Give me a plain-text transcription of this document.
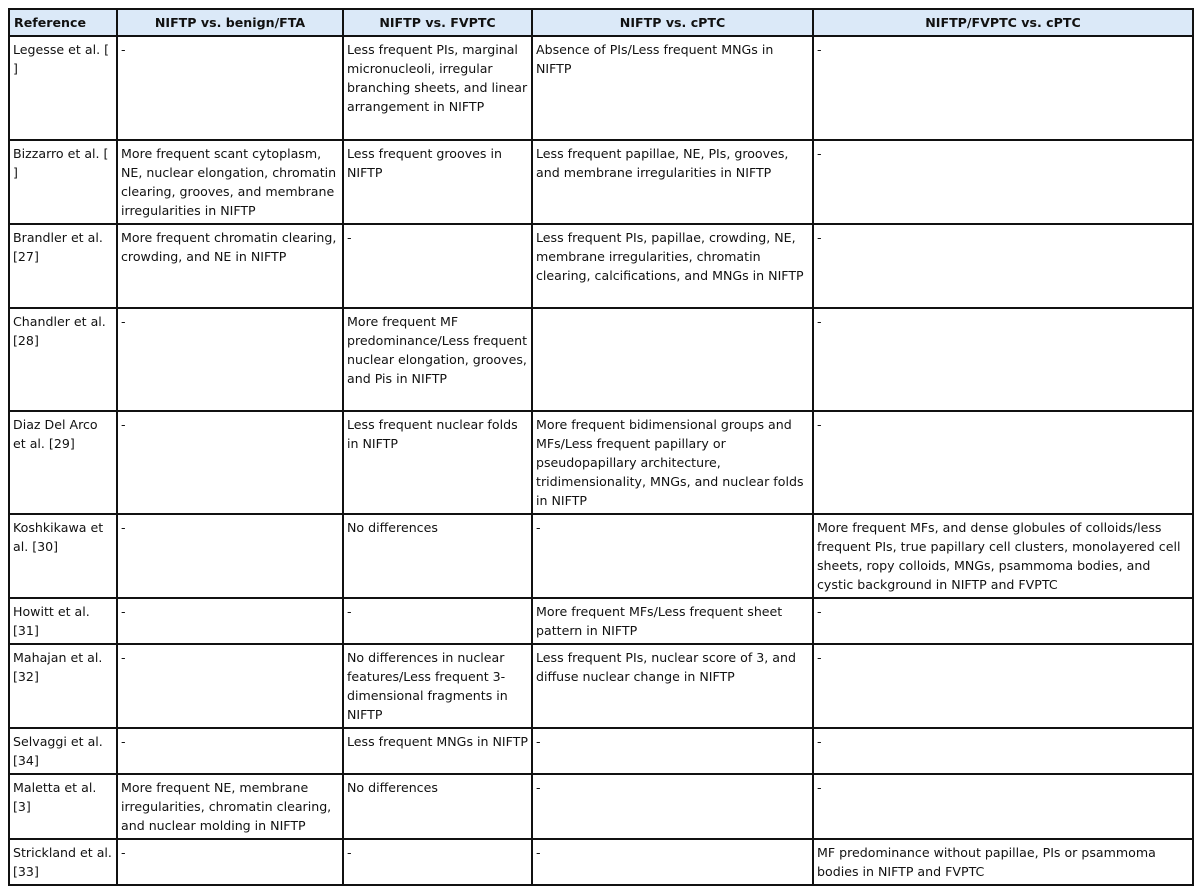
Reference	NIFTP vs. benign/FTA	NIFTP vs. FVPTC	NIFTP vs. cPTC	NIFTP/FVPTC vs. cPTC
Legesse et al. [​]	-	Less frequent PIs, marginal micronucleoli, irregular branching sheets, and linear arrangement in NIFTP	Absence of PIs/Less frequent MNGs in NIFTP	-
Bizzarro et al. [​]	More frequent scant cytoplasm, NE, nuclear elongation, chromatin clearing, grooves, and membrane irregularities in NIFTP	Less frequent grooves in NIFTP	Less frequent papillae, NE, PIs, grooves, and membrane irregularities in NIFTP	-
Brandler et al. [27]	More frequent chromatin clearing, crowding, and NE in NIFTP	-	Less frequent PIs, papillae, crowding, NE, membrane irregularities, chromatin clearing, calcifications, and MNGs in NIFTP	-
Chandler et al. [28]	-	More frequent MF predominance/Less frequent nuclear elongation, grooves, and Pis in NIFTP		-
Diaz Del Arco et al. [29]	-	Less frequent nuclear folds in NIFTP	More frequent bidimensional groups and MFs/Less frequent papillary or pseudopapillary architecture, tridimensionality, MNGs, and nuclear folds in NIFTP	-
Koshkikawa et al. [30]	-	No differences	-	More frequent MFs, and dense globules of colloids/less frequent PIs, true papillary cell clusters, monolayered cell sheets, ropy colloids, MNGs, psammoma bodies, and cystic background in NIFTP and FVPTC
Howitt et al. [31]	-	-	More frequent MFs/Less frequent sheet pattern in NIFTP	-
Mahajan et al. [32]	-	No differences in nuclear features/Less frequent 3-dimensional fragments in NIFTP	Less frequent PIs, nuclear score of 3, and diffuse nuclear change in NIFTP	-
Selvaggi et al. [34]	-	Less frequent MNGs in NIFTP	-	-
Maletta et al. [3​]	More frequent NE, membrane irregularities, chromatin clearing, and nuclear molding in NIFTP	No differences	-	-
Strickland et al. [33]	-	-	-	MF predominance without papillae, PIs or psammoma bodies in NIFTP and FVPTC
